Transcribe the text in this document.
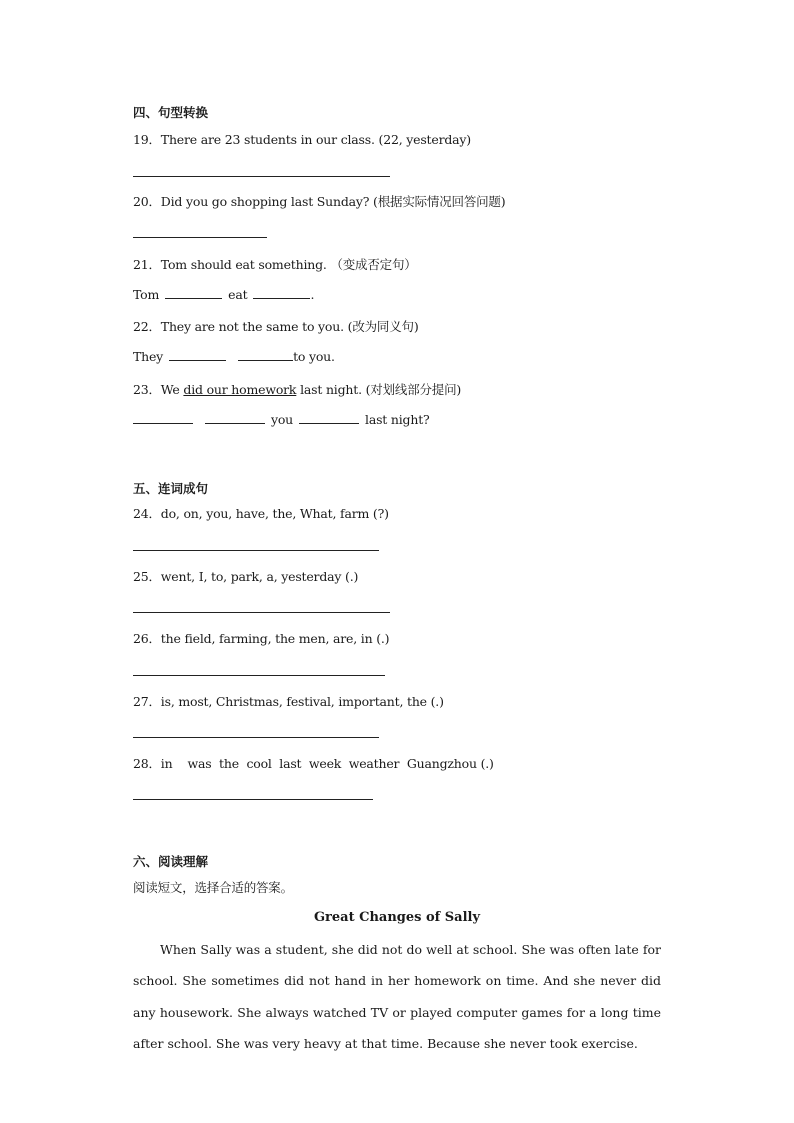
四、句型转换
19．There are 23 students in our class. (22, yesterday)
20．Did you go shopping last Sunday? (根据实际情况回答问题)
21．Tom should eat something. （变成否定句）
Tom	eat	.
22．They are not the same to you. (改为同义句)
They	to you.
23．We did our homework last night. (对划线部分提问)
you	last night?
五、连词成句
24．do, on, you, have, the, What, farm (?)
25．went, I, to, park, a, yesterday (.)
26．the field, farming, the men, are, in (.)
27．is, most, Christmas, festival, important, the (.)
28．in    was  the  cool  last  week  weather  Guangzhou (.)
六、阅读理解
阅读短文，选择合适的答案。
Great Changes of Sally
When Sally was a student, she did not do well at school. She was often late for school. She sometimes did not hand in her homework on time. And she never did any housework. She always watched TV or played computer games for a long time after school. She was very heavy at that time. Because she never took exercise.
